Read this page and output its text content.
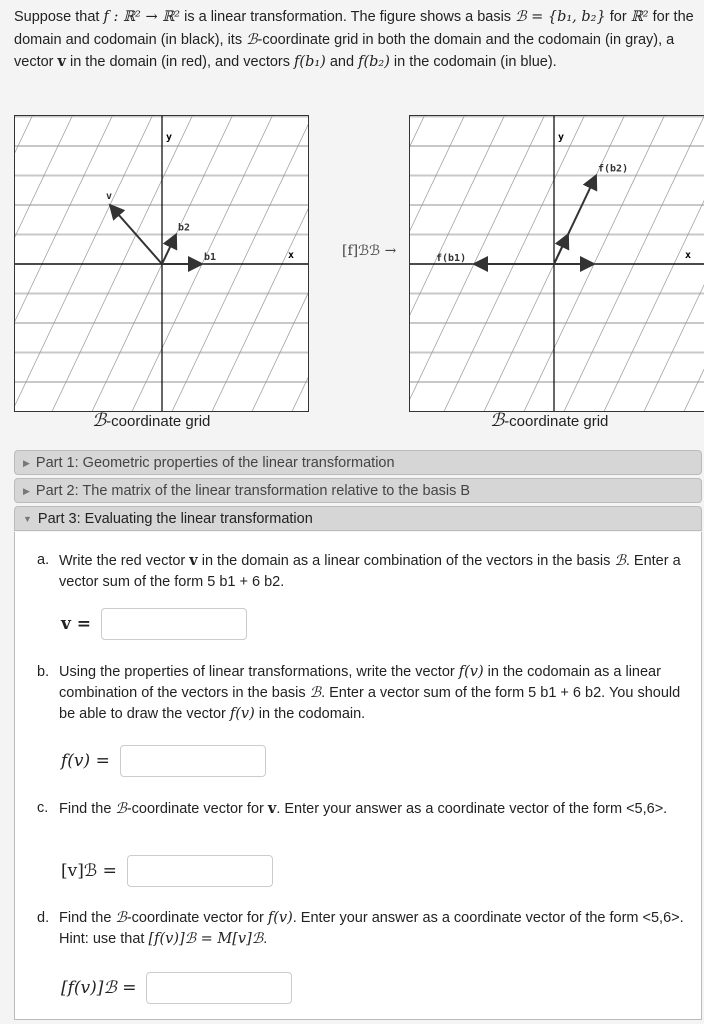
Suppose that f : ℝ² → ℝ² is a linear transformation. The figure shows a basis ℬ = {b₁, b₂} for ℝ² for the domain and codomain (in black), its ℬ-coordinate grid in both the domain and the codomain (in gray), a vector v in the domain (in red), and vectors f(b₁) and f(b₂) in the codomain (in blue).
x
y
b1
b2
v
x
y
f(b1)
f(b2)
ℬ-coordinate grid	ℬ-coordinate grid
[f]ℬℬ →
▶ Part 1: Geometric properties of the linear transformation
▶ Part 2: The matrix of the linear transformation relative to the basis B
▼ Part 3: Evaluating the linear transformation
a. Write the red vector v in the domain as a linear combination of the vectors in the basis ℬ. Enter a vector sum of the form 5 b1 + 6 b2.
v =
b. Using the properties of linear transformations, write the vector f(v) in the codomain as a linear combination of the vectors in the basis ℬ. Enter a vector sum of the form 5 b1 + 6 b2. You should be able to draw the vector f(v) in the codomain.
f(v) =
c. Find the ℬ-coordinate vector for v. Enter your answer as a coordinate vector of the form <5,6>.
[v]ℬ =
d. Find the ℬ-coordinate vector for f(v). Enter your answer as a coordinate vector of the form <5,6>. Hint: use that [f(v)]ℬ = M[v]ℬ.
[f(v)]ℬ =
